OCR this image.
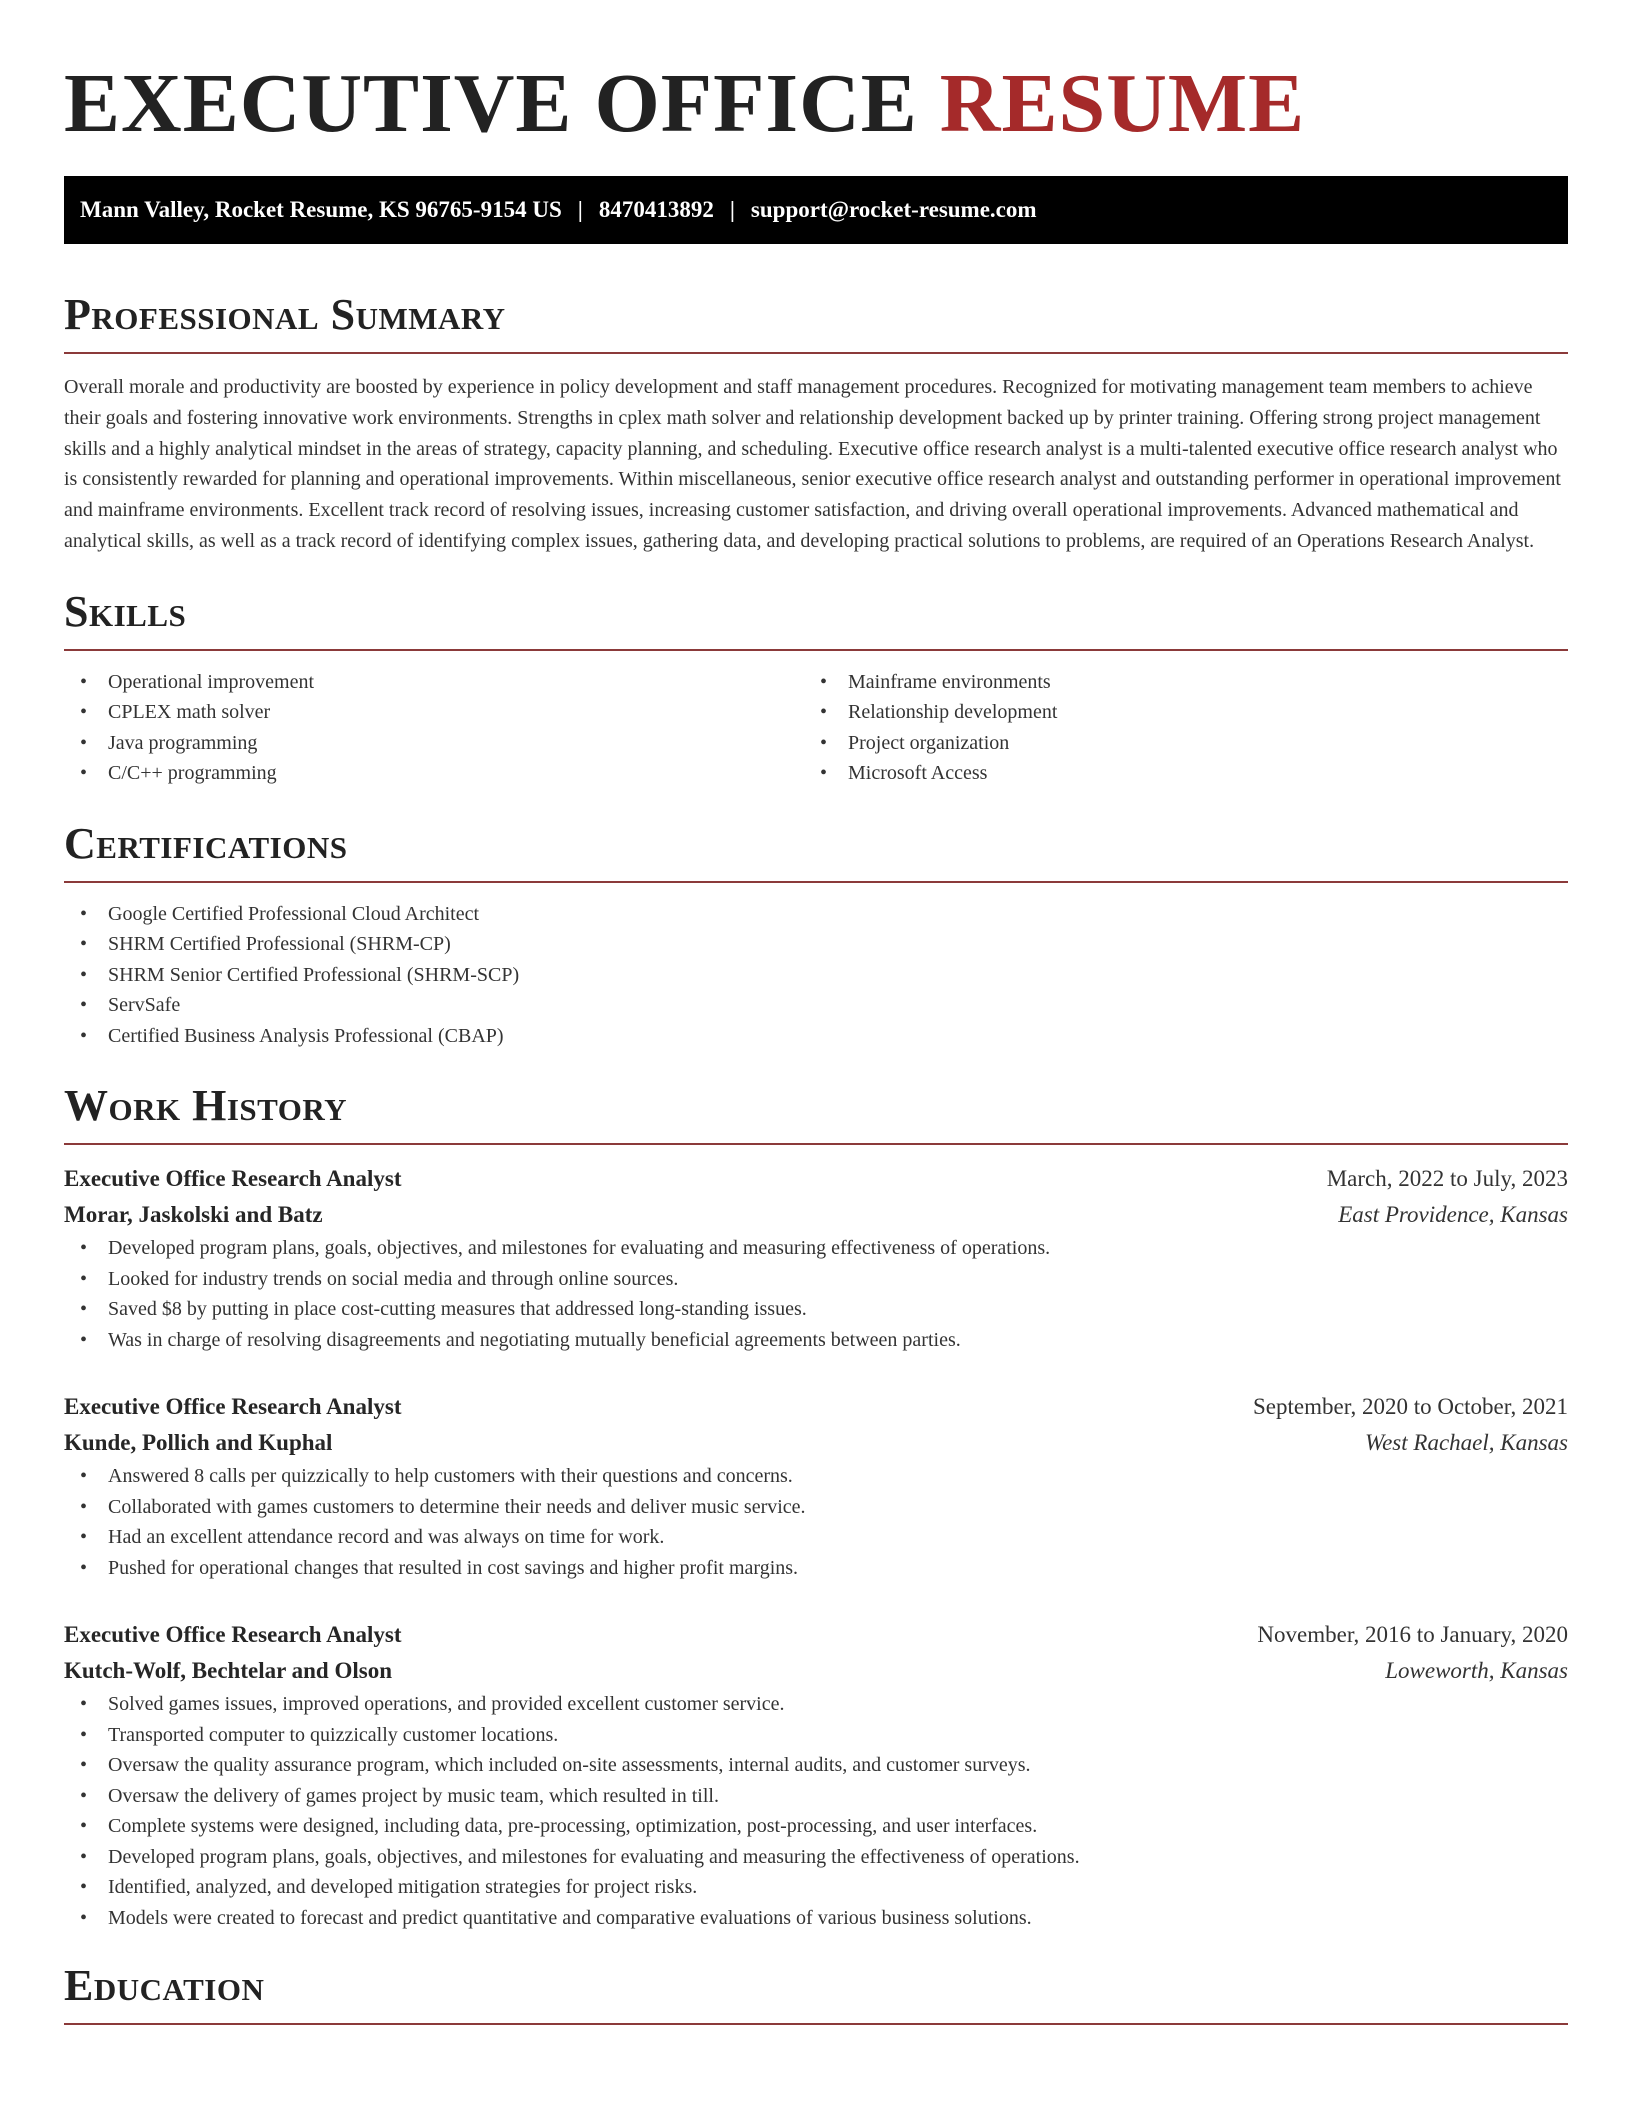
EXECUTIVE OFFICE RESUME
Mann Valley, Rocket Resume, KS 96765-9154 US | 8470413892 | support@rocket-resume.com
Professional Summary

Overall morale and productivity are boosted by experience in policy development and staff management procedures. Recognized for motivating management team members to achieve their goals and fostering innovative work environments. Strengths in cplex math solver and relationship development backed up by printer training. Offering strong project management skills and a highly analytical mindset in the areas of strategy, capacity planning, and scheduling. Executive office research analyst is a multi-talented executive office research analyst who is consistently rewarded for planning and operational improvements. Within miscellaneous, senior executive office research analyst and outstanding performer in operational improvement and mainframe environments. Excellent track record of resolving issues, increasing customer satisfaction, and driving overall operational improvements. Advanced mathematical and analytical skills, as well as a track record of identifying complex issues, gathering data, and developing practical solutions to problems, are required of an Operations Research Analyst.

Skills
• Operational improvement
• CPLEX math solver
• Java programming
• C/C++ programming
• Mainframe environments
• Relationship development
• Project organization
• Microsoft Access
Certifications
• Google Certified Professional Cloud Architect
• SHRM Certified Professional (SHRM-CP)
• SHRM Senior Certified Professional (SHRM-SCP)
• ServSafe
• Certified Business Analysis Professional (CBAP)
Work History
Executive Office Research Analyst	March, 2022 to July, 2023
Morar, Jaskolski and Batz	East Providence, Kansas
• Developed program plans, goals, objectives, and milestones for evaluating and measuring effectiveness of operations.
• Looked for industry trends on social media and through online sources.
• Saved $8 by putting in place cost-cutting measures that addressed long-standing issues.
• Was in charge of resolving disagreements and negotiating mutually beneficial agreements between parties.
Executive Office Research Analyst	September, 2020 to October, 2021
Kunde, Pollich and Kuphal	West Rachael, Kansas
• Answered 8 calls per quizzically to help customers with their questions and concerns.
• Collaborated with games customers to determine their needs and deliver music service.
• Had an excellent attendance record and was always on time for work.
• Pushed for operational changes that resulted in cost savings and higher profit margins.
Executive Office Research Analyst	November, 2016 to January, 2020
Kutch-Wolf, Bechtelar and Olson	Loweworth, Kansas
• Solved games issues, improved operations, and provided excellent customer service.
• Transported computer to quizzically customer locations.
• Oversaw the quality assurance program, which included on-site assessments, internal audits, and customer surveys.
• Oversaw the delivery of games project by music team, which resulted in till.
• Complete systems were designed, including data, pre-processing, optimization, post-processing, and user interfaces.
• Developed program plans, goals, objectives, and milestones for evaluating and measuring the effectiveness of operations.
• Identified, analyzed, and developed mitigation strategies for project risks.
• Models were created to forecast and predict quantitative and comparative evaluations of various business solutions.
Education
